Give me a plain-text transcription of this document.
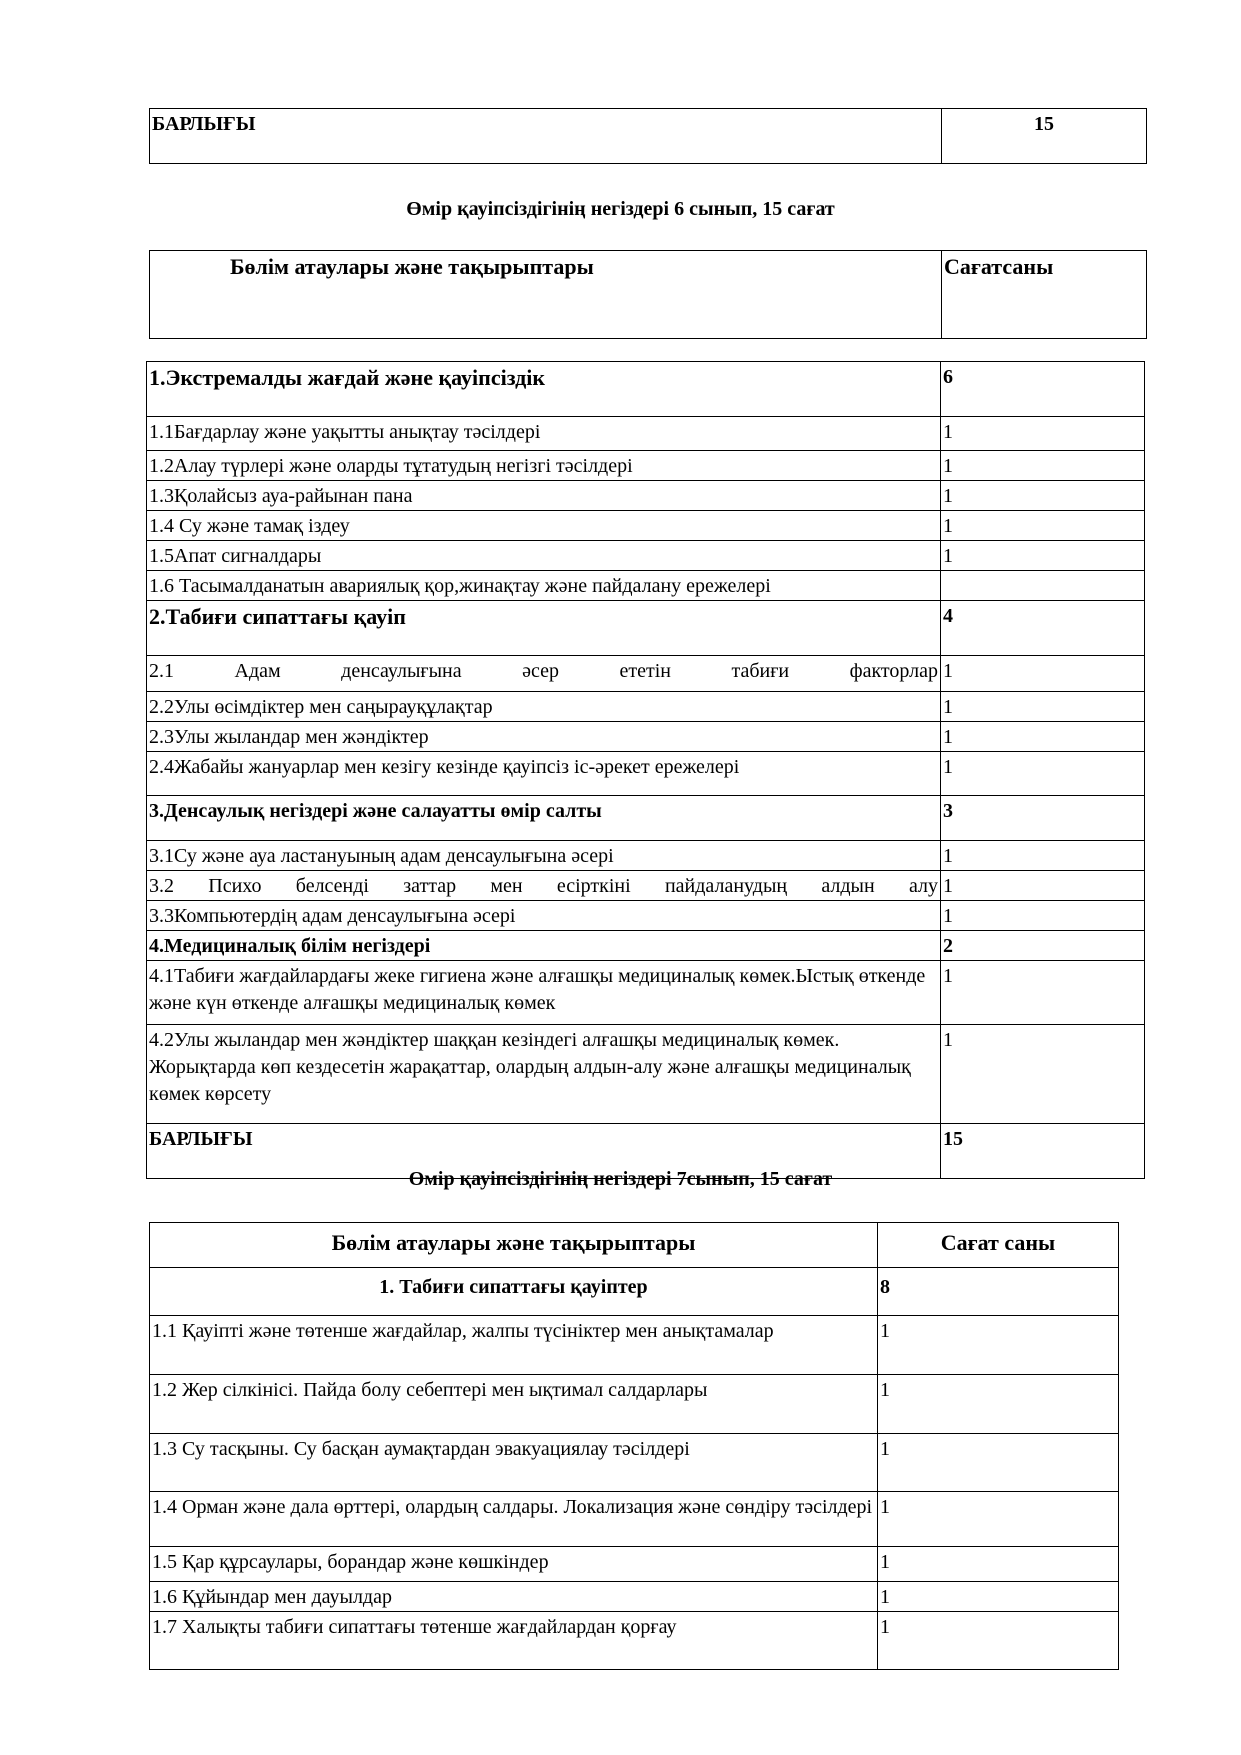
БАРЛЫҒЫ	15
Өмір қауіпсіздігінің негіздері 6 сынып, 15 сағат
Бөлім атаулары және тақырыптары	Сағатсаны
1.Экстремалды жағдай және қауіпсіздік	6
1.1Бағдарлау және уақытты анықтау тәсілдері	1
1.2Алау түрлері және оларды тұтатудың негізгі тәсілдері	1
1.3Қолайсыз ауа-райынан пана	1
1.4 Су және тамақ іздеу	1
1.5Апат сигналдары	1
1.6 Тасымалданатын авариялық қор,жинақтау және пайдалану ережелері	
2.Табиғи сипаттағы қауіп	4
2.1 Адам денсаулығына әсер ететін табиғи факторлар	1
2.2Улы өсімдіктер мен саңырауқұлақтар	1
2.3Улы жыландар мен жәндіктер	1
2.4Жабайы жануарлар мен кезігу кезінде қауіпсіз іс-әрекет ережелері	1
3.Денсаулық негіздері және салауатты өмір салты	3
3.1Су және ауа ластануының адам денсаулығына әсері	1
3.2 Психо белсенді заттар мен есірткіні пайдаланудың алдын алу	1
3.3Компьютердің адам денсаулығына әсері	1
4.Медициналық білім негіздері	2
4.1Табиғи жағдайлардағы жеке гигиена және алғашқы медициналық көмек.Ыстық өткенде және күн өткенде алғашқы медициналық көмек	1
4.2Улы жыландар мен жәндіктер шаққан кезіндегі алғашқы медициналық көмек. Жорықтарда көп кездесетін жарақаттар, олардың алдын-алу және алғашқы медициналық көмек көрсету	1
БАРЛЫҒЫ	15
Өмір қауіпсіздігінің негіздері 7сынып, 15 сағат
Бөлім атаулары және тақырыптары	Сағат саны
1. Табиғи сипаттағы қауіптер	8
1.1 Қауіпті және төтенше жағдайлар, жалпы түсініктер мен анықтамалар	1
1.2 Жер сілкінісі. Пайда болу себептері мен ықтимал салдарлары	1
1.3 Су тасқыны. Су басқан аумақтардан эвакуациялау тәсілдері	1
1.4 Орман және дала өрттері, олардың салдары. Локализация және сөндіру тәсілдері	1
1.5 Қар құрсаулары, борандар және көшкіндер	1
1.6 Құйындар мен дауылдар	1
1.7 Халықты табиғи сипаттағы төтенше жағдайлардан қорғау	1
